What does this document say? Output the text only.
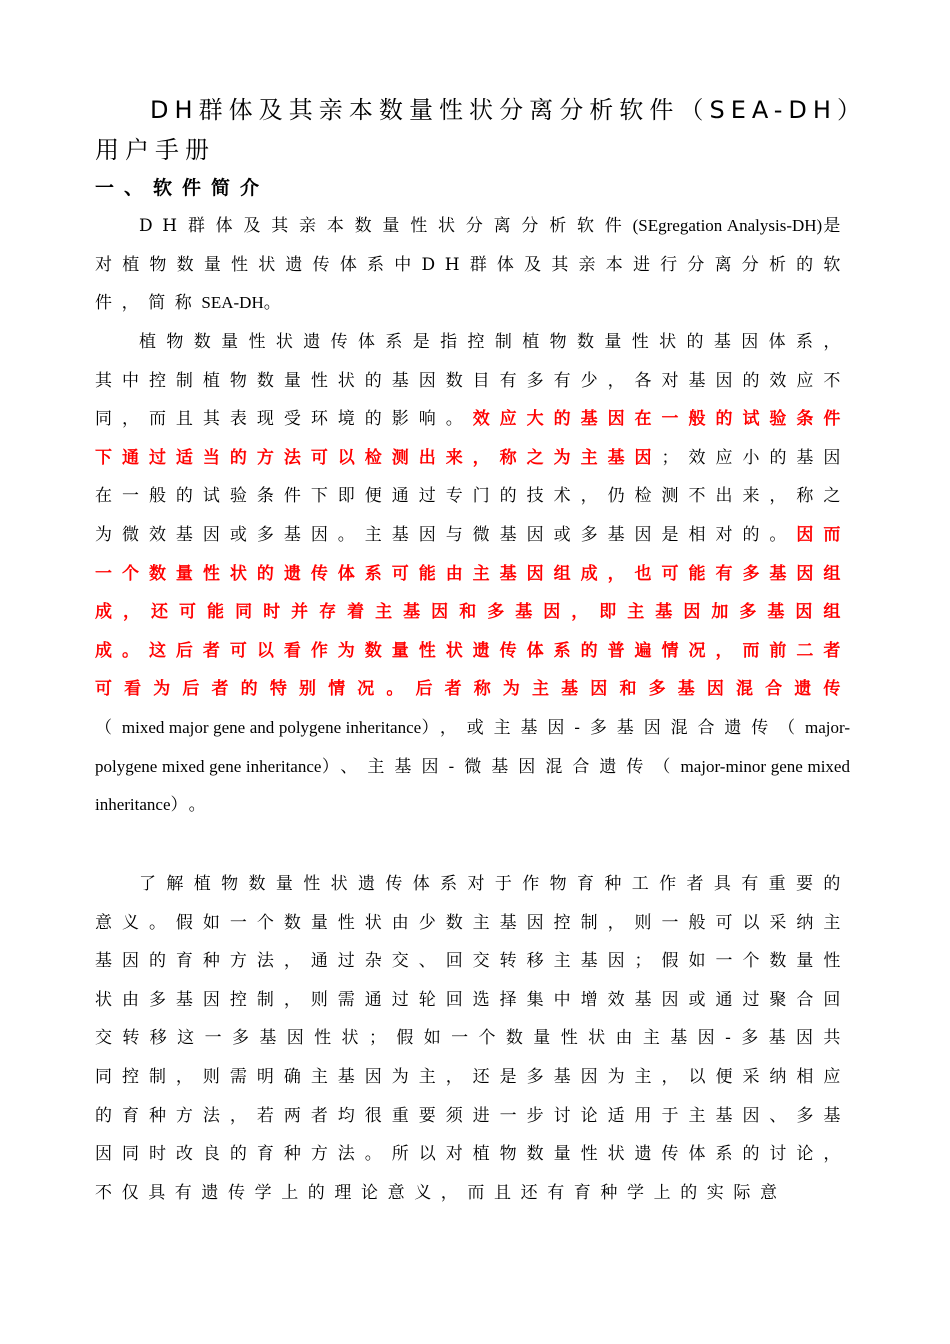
DH群体及其亲本数量性状分离分析软件（SEA-DH）用户手册
一、软件简介

DH群体及其亲本数量性状分离分析软件(SEgregation Analysis-DH)是对植物数量性状遗传体系中DH群体及其亲本进行分离分析的软件，简称SEA-DH。

植物数量性状遗传体系是指控制植物数量性状的基因体系，其中控制植物数量性状的基因数目有多有少，各对基因的效应不同，而且其表现受环境的影响。效应大的基因在一般的试验条件下通过适当的方法可以检测出来，称之为主基因；效应小的基因在一般的试验条件下即便通过专门的技术，仍检测不出来，称之为微效基因或多基因。主基因与微基因或多基因是相对的。因而一个数量性状的遗传体系可能由主基因组成，也可能有多基因组成，还可能同时并存着主基因和多基因，即主基因加多基因组成。这后者可以看作为数量性状遗传体系的普遍情况，而前二者可看为后者的特别情况。后者称为主基因和多基因混合遗传（mixed major gene and polygene inheritance），或主基因-多基因混合遗传（major-polygene mixed gene inheritance）、主基因-微基因混合遗传（major-minor gene mixed inheritance）。

了解植物数量性状遗传体系对于作物育种工作者具有重要的意义。假如一个数量性状由少数主基因控制，则一般可以采纳主基因的育种方法，通过杂交、回交转移主基因；假如一个数量性状由多基因控制，则需通过轮回选择集中增效基因或通过聚合回交转移这一多基因性状；假如一个数量性状由主基因-多基因共同控制，则需明确主基因为主，还是多基因为主，以便采纳相应的育种方法，若两者均很重要须进一步讨论适用于主基因、多基因同时改良的育种方法。所以对植物数量性状遗传体系的讨论，不仅具有遗传学上的理论意义，而且还有育种学上的实际意
